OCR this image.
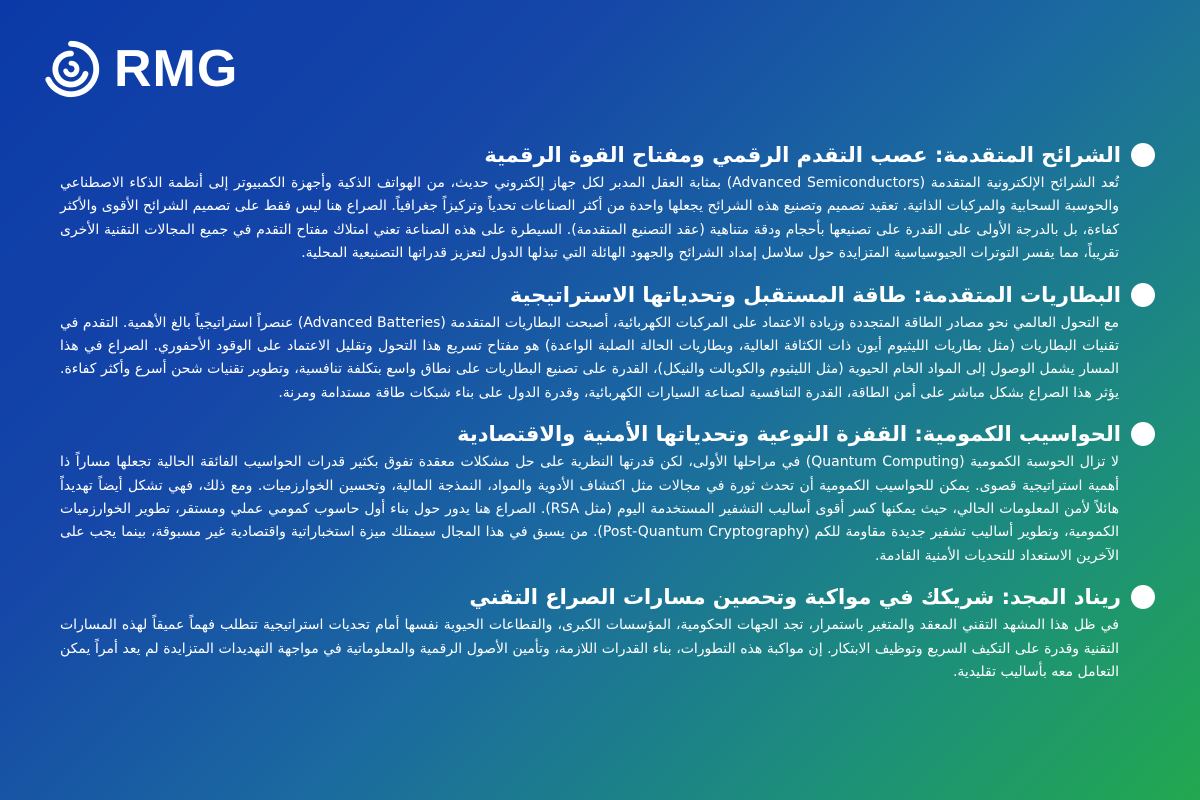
RMG
الشرائح المتقدمة: عصب التقدم الرقمي ومفتاح القوة الرقمية

تُعد الشرائح الإلكترونية المتقدمة (Advanced Semiconductors) بمثابة العقل المدبر لكل جهاز إلكتروني حديث، من الهواتف الذكية وأجهزة الكمبيوتر إلى أنظمة الذكاء الاصطناعي والحوسبة السحابية والمركبات الذاتية. تعقيد تصميم وتصنيع هذه الشرائح يجعلها واحدة من أكثر الصناعات تحدياً وتركيزاً جغرافياً. الصراع هنا ليس فقط على تصميم الشرائح الأقوى والأكثر كفاءة، بل بالدرجة الأولى على القدرة على تصنيعها بأحجام ودقة متناهية (عقد التصنيع المتقدمة). السيطرة على هذه الصناعة تعني امتلاك مفتاح التقدم في جميع المجالات التقنية الأخرى تقريباً، مما يفسر التوترات الجيوسياسية المتزايدة حول سلاسل إمداد الشرائح والجهود الهائلة التي تبذلها الدول لتعزيز قدراتها التصنيعية المحلية.

البطاريات المتقدمة: طاقة المستقبل وتحدياتها الاستراتيجية

مع التحول العالمي نحو مصادر الطاقة المتجددة وزيادة الاعتماد على المركبات الكهربائية، أصبحت البطاريات المتقدمة (Advanced Batteries) عنصراً استراتيجياً بالغ الأهمية. التقدم في تقنيات البطاريات (مثل بطاريات الليثيوم أيون ذات الكثافة العالية، وبطاريات الحالة الصلبة الواعدة) هو مفتاح تسريع هذا التحول وتقليل الاعتماد على الوقود الأحفوري. الصراع في هذا المسار يشمل الوصول إلى المواد الخام الحيوية (مثل الليثيوم والكوبالت والنيكل)، القدرة على تصنيع البطاريات على نطاق واسع بتكلفة تنافسية، وتطوير تقنيات شحن أسرع وأكثر كفاءة. يؤثر هذا الصراع بشكل مباشر على أمن الطاقة، القدرة التنافسية لصناعة السيارات الكهربائية، وقدرة الدول على بناء شبكات طاقة مستدامة ومرنة.

الحواسيب الكمومية: القفزة النوعية وتحدياتها الأمنية والاقتصادية

لا تزال الحوسبة الكمومية (Quantum Computing) في مراحلها الأولى، لكن قدرتها النظرية على حل مشكلات معقدة تفوق بكثير قدرات الحواسيب الفائقة الحالية تجعلها مساراً ذا أهمية استراتيجية قصوى. يمكن للحواسيب الكمومية أن تحدث ثورة في مجالات مثل اكتشاف الأدوية والمواد، النمذجة المالية، وتحسين الخوارزميات. ومع ذلك، فهي تشكل أيضاً تهديداً هائلاً لأمن المعلومات الحالي، حيث يمكنها كسر أقوى أساليب التشفير المستخدمة اليوم (مثل RSA). الصراع هنا يدور حول بناء أول حاسوب كمومي عملي ومستقر، تطوير الخوارزميات الكمومية، وتطوير أساليب تشفير جديدة مقاومة للكم (Post-Quantum Cryptography). من يسبق في هذا المجال سيمتلك ميزة استخباراتية واقتصادية غير مسبوقة، بينما يجب على الآخرين الاستعداد للتحديات الأمنية القادمة.

ريناد المجد: شريكك في مواكبة وتحصين مسارات الصراع التقني

في ظل هذا المشهد التقني المعقد والمتغير باستمرار، تجد الجهات الحكومية، المؤسسات الكبرى، والقطاعات الحيوية نفسها أمام تحديات استراتيجية تتطلب فهماً عميقاً لهذه المسارات التقنية وقدرة على التكيف السريع وتوظيف الابتكار. إن مواكبة هذه التطورات، بناء القدرات اللازمة، وتأمين الأصول الرقمية والمعلوماتية في مواجهة التهديدات المتزايدة لم يعد أمراً يمكن التعامل معه بأساليب تقليدية.
